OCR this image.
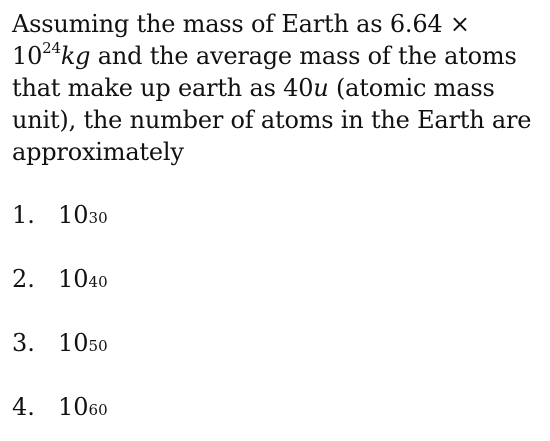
Assuming the mass of Earth as $6.64 \times 10^{24}kg$ and the average mass of the atoms that make up earth as 40u (atomic mass unit), the number of atoms in the Earth are approximately
1. 10 30
2. 10 40
3. 10 50
4. 10 60
